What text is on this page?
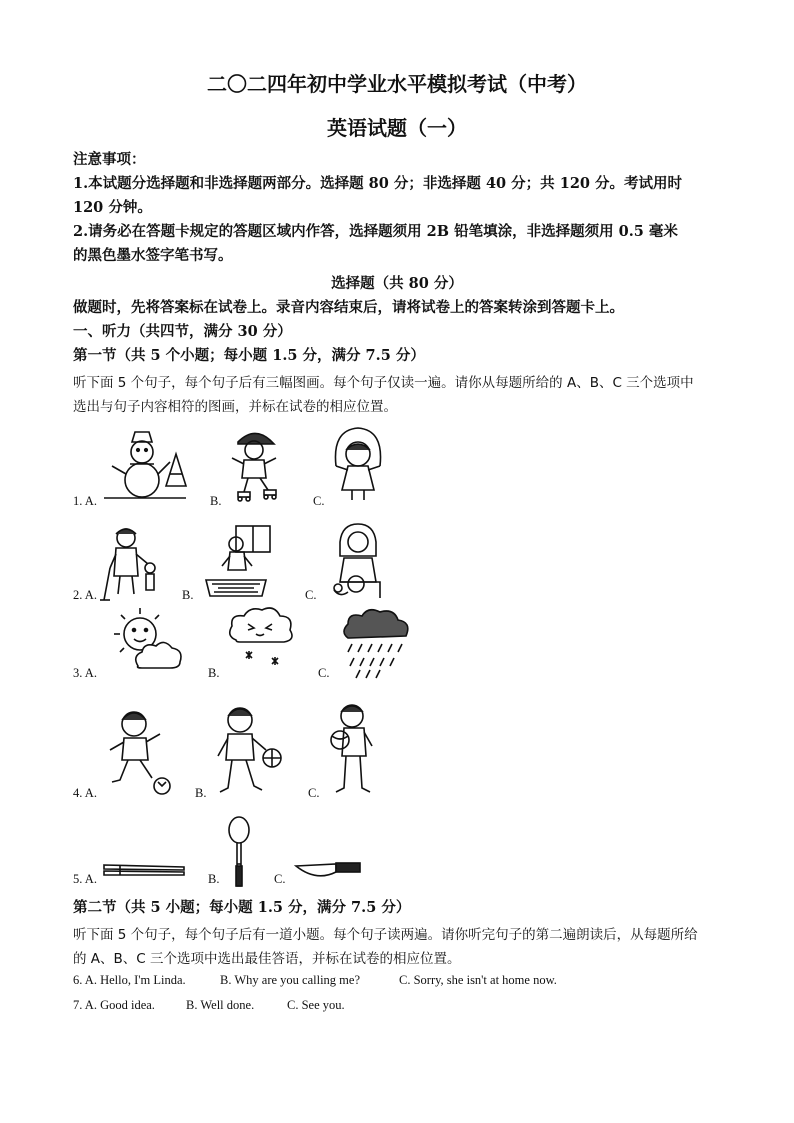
二〇二四年初中学业水平模拟考试（中考）
英语试题（一）
注意事项：
1.本试题分选择题和非选择题两部分。选择题 80 分；非选择题 40 分；共 120 分。考试用时
120 分钟。
2.请务必在答题卡规定的答题区域内作答，选择题须用 2B 铅笔填涂，非选择题须用 0.5 毫米
的黑色墨水签字笔书写。
选择题（共 80 分）
做题时，先将答案标在试卷上。录音内容结束后，请将试卷上的答案转涂到答题卡上。
一、听力（共四节，满分 30 分）
第一节（共 5 个小题；每小题 1.5 分，满分 7.5 分）
听下面 5 个句子，每个句子后有三幅图画。每个句子仅读一遍。请你从每题所给的 A、B、C 三个选项中
选出与句子内容相符的图画，并标在试卷的相应位置。
1. A.	B.	C.
2. A.	B.	C.
3. A.	B.	C.
4. A.	B.	C.
5. A.	B.	C.
第二节（共 5 小题；每小题 1.5 分，满分 7.5 分）
听下面 5 个句子，每个句子后有一道小题。每个句子读两遍。请你听完句子的第二遍朗读后，从每题所给
的 A、B、C 三个选项中选出最佳答语，并标在试卷的相应位置。
6. A. Hello, I'm Linda.	B. Why are you calling me?	C. Sorry, she isn't at home now.
7. A. Good idea. B. Well done.	C. See you.
